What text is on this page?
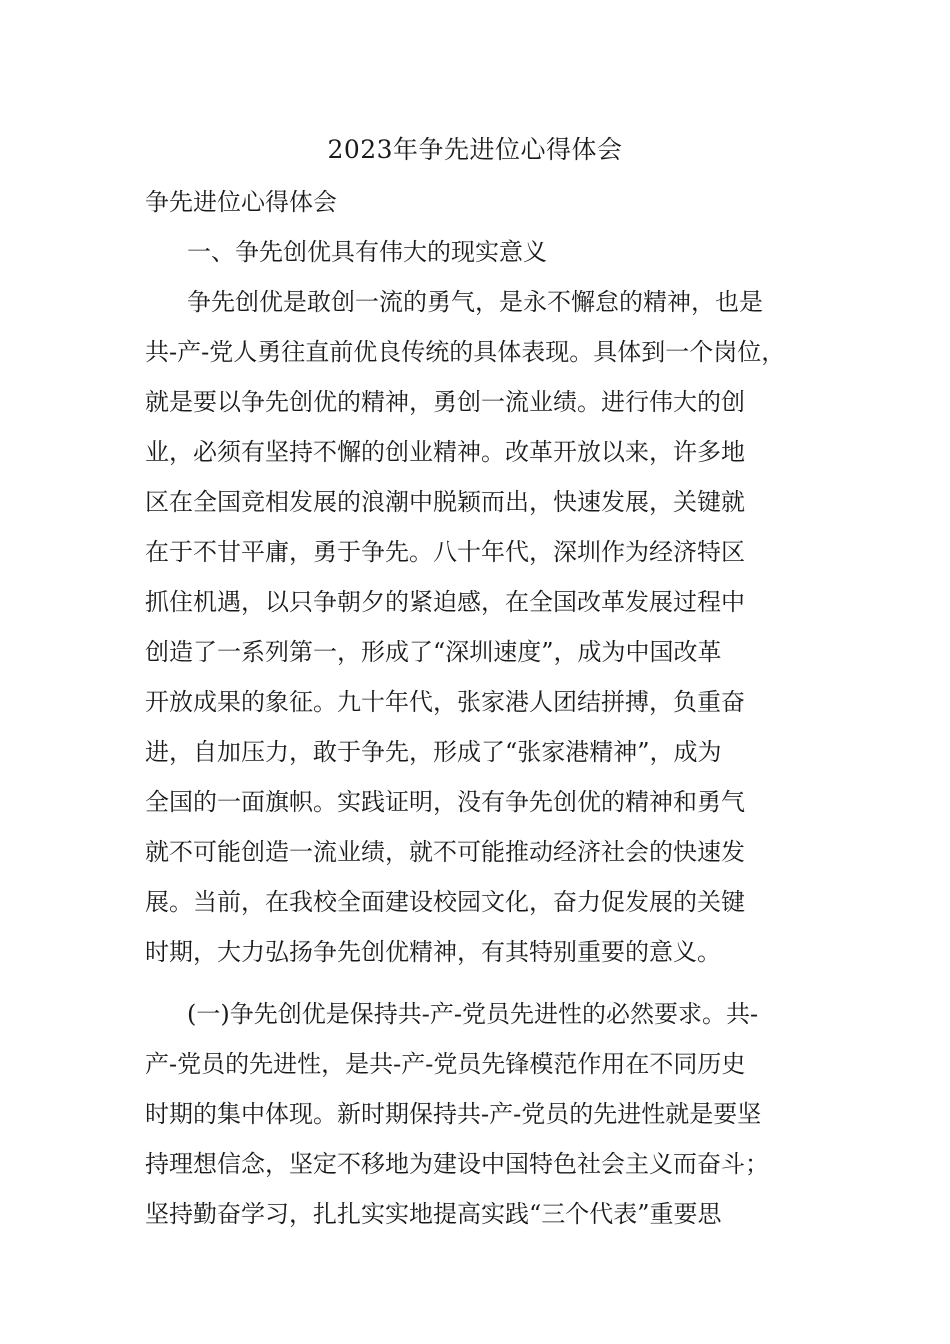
2023年争先进位心得体会

争先进位心得体会

一、争先创优具有伟大的现实意义

争先创优是敢创一流的勇气，是永不懈怠的精神，也是

共-产-党人勇往直前优良传统的具体表现。具体到一个岗位，

就是要以争先创优的精神，勇创一流业绩。进行伟大的创

业，必须有坚持不懈的创业精神。改革开放以来，许多地

区在全国竞相发展的浪潮中脱颖而出，快速发展，关键就

在于不甘平庸，勇于争先。八十年代，深圳作为经济特区

抓住机遇，以只争朝夕的紧迫感，在全国改革发展过程中

创造了一系列第一，形成了“深圳速度”，成为中国改革

开放成果的象征。九十年代，张家港人团结拼搏，负重奋

进，自加压力，敢于争先，形成了“张家港精神”，成为

全国的一面旗帜。实践证明，没有争先创优的精神和勇气

就不可能创造一流业绩，就不可能推动经济社会的快速发

展。当前，在我校全面建设校园文化，奋力促发展的关键

时期，大力弘扬争先创优精神，有其特别重要的意义。

(一)争先创优是保持共-产-党员先进性的必然要求。共-

产-党员的先进性，是共-产-党员先锋模范作用在不同历史

时期的集中体现。新时期保持共-产-党员的先进性就是要坚

持理想信念，坚定不移地为建设中国特色社会主义而奋斗；

坚持勤奋学习，扎扎实实地提高实践“三个代表”重要思
